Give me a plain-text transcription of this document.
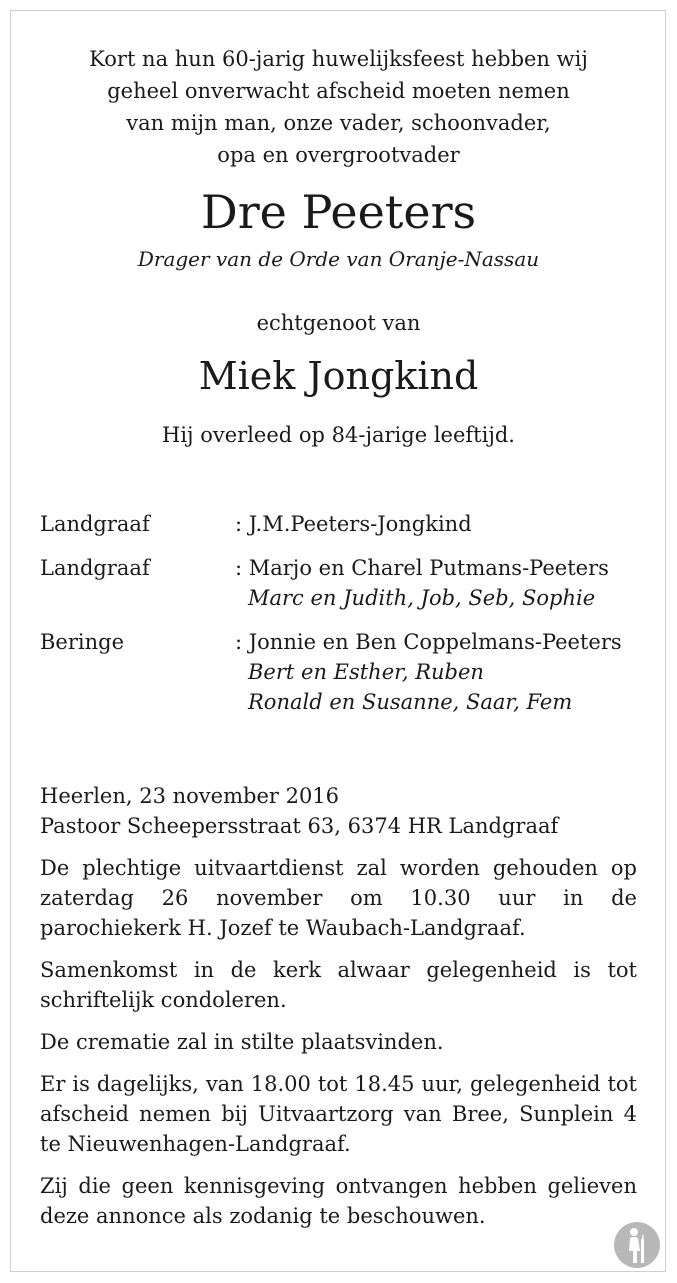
Kort na hun 60-jarig huwelijksfeest hebben wij
geheel onverwacht afscheid moeten nemen
van mijn man, onze vader, schoonvader,
opa en overgrootvader
Dre Peeters
Drager van de Orde van Oranje-Nassau
echtgenoot van
Miek Jongkind
Hij overleed op 84-jarige leeftijd.
Landgraaf	: J.M.Peeters-Jongkind
Landgraaf	: Marjo en Charel Putmans-Peeters
Marc en Judith, Job, Seb, Sophie
Beringe	: Jonnie en Ben Coppelmans-Peeters
Bert en Esther, Ruben
Ronald en Susanne, Saar, Fem

Heerlen, 23 november 2016

Pastoor Scheepersstraat 63, 6374 HR Landgraaf

De plechtige uitvaartdienst zal worden gehouden op zaterdag 26 november om 10.30 uur in de parochiekerk H. Jozef te Waubach-Landgraaf.

Samenkomst in de kerk alwaar gelegenheid is tot schriftelijk condoleren.

De crematie zal in stilte plaatsvinden.

Er is dagelijks, van 18.00 tot 18.45 uur, gelegenheid tot afscheid nemen bij Uitvaartzorg van Bree, Sunplein 4 te Nieuwenhagen-Landgraaf.

Zij die geen kennisgeving ontvangen hebben gelieven deze annonce als zodanig te beschouwen.
